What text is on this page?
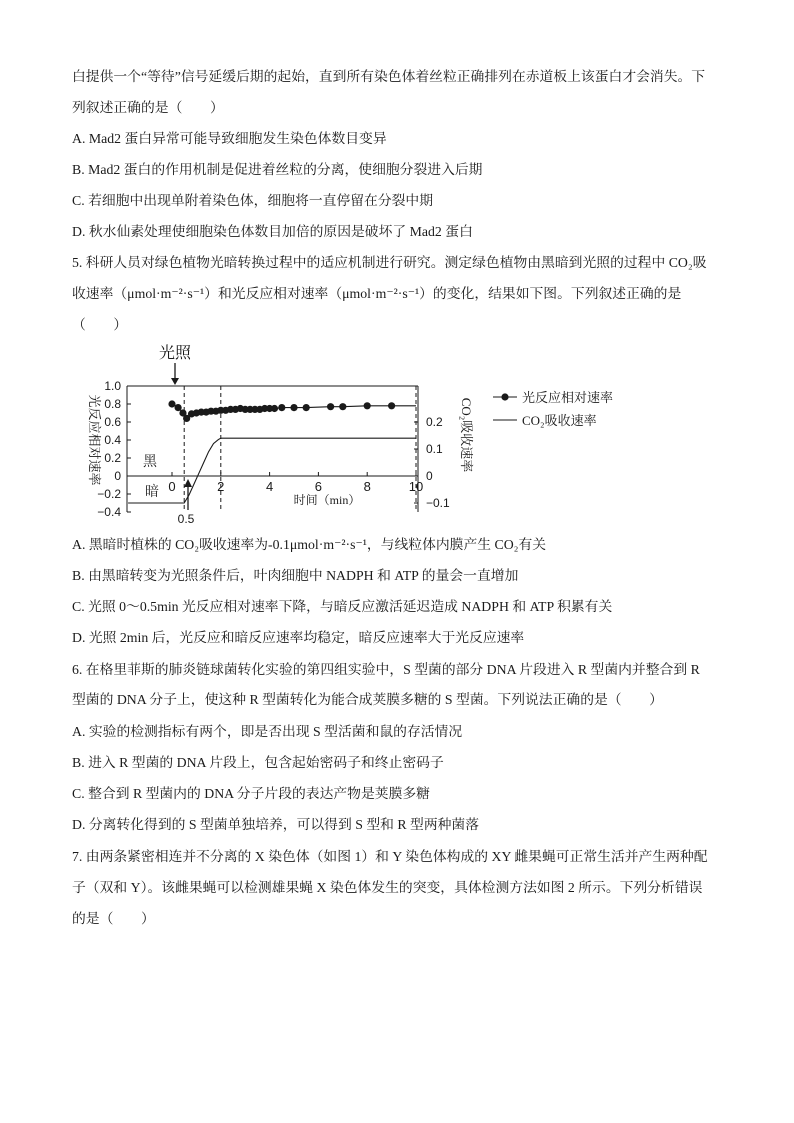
白提供一个“等待”信号延缓后期的起始，直到所有染色体着丝粒正确排列在赤道板上该蛋白才会消失。下
列叙述正确的是（　　）
A. Mad2 蛋白异常可能导致细胞发生染色体数目变异
B. Mad2 蛋白的作用机制是促进着丝粒的分离，使细胞分裂进入后期
C. 若细胞中出现单附着染色体，细胞将一直停留在分裂中期
D. 秋水仙素处理使细胞染色体数目加倍的原因是破坏了 Mad2 蛋白
5. 科研人员对绿色植物光暗转换过程中的适应机制进行研究。测定绿色植物由黑暗到光照的过程中 CO₂吸
收速率（μmol·m⁻²·s⁻¹）和光反应相对速率（μmol·m⁻²·s⁻¹）的变化，结果如下图。下列叙述正确的是
（　　）
光照
黑
暗
0.5
光反应相对速率	CO₂吸收速率
时间（min）
光反应相对速率
CO₂吸收速率
1.0
0.8
0.6
0.4
0.2
0
−0.2
−0.4
0.2
0.1
0
−0.1
0	2	4	6	8	10
A. 黑暗时植株的 CO₂吸收速率为-0.1μmol·m⁻²·s⁻¹，与线粒体内膜产生 CO₂有关
B. 由黑暗转变为光照条件后，叶肉细胞中 NADPH 和 ATP 的量会一直增加
C. 光照 0～0.5min 光反应相对速率下降，与暗反应激活延迟造成 NADPH 和 ATP 积累有关
D. 光照 2min 后，光反应和暗反应速率均稳定，暗反应速率大于光反应速率
6. 在格里菲斯的肺炎链球菌转化实验的第四组实验中，S 型菌的部分 DNA 片段进入 R 型菌内并整合到 R
型菌的 DNA 分子上，使这种 R 型菌转化为能合成荚膜多糖的 S 型菌。下列说法正确的是（　　）
A. 实验的检测指标有两个，即是否出现 S 型活菌和鼠的存活情况
B. 进入 R 型菌的 DNA 片段上，包含起始密码子和终止密码子
C. 整合到 R 型菌内的 DNA 分子片段的表达产物是荚膜多糖
D. 分离转化得到的 S 型菌单独培养，可以得到 S 型和 R 型两种菌落
7. 由两条紧密相连并不分离的 X 染色体（如图 1）和 Y 染色体构成的 XY 雌果蝇可正常生活并产生两种配
子（双和 Y）。该雌果蝇可以检测雄果蝇 X 染色体发生的突变，具体检测方法如图 2 所示。下列分析错误
的是（　　）
